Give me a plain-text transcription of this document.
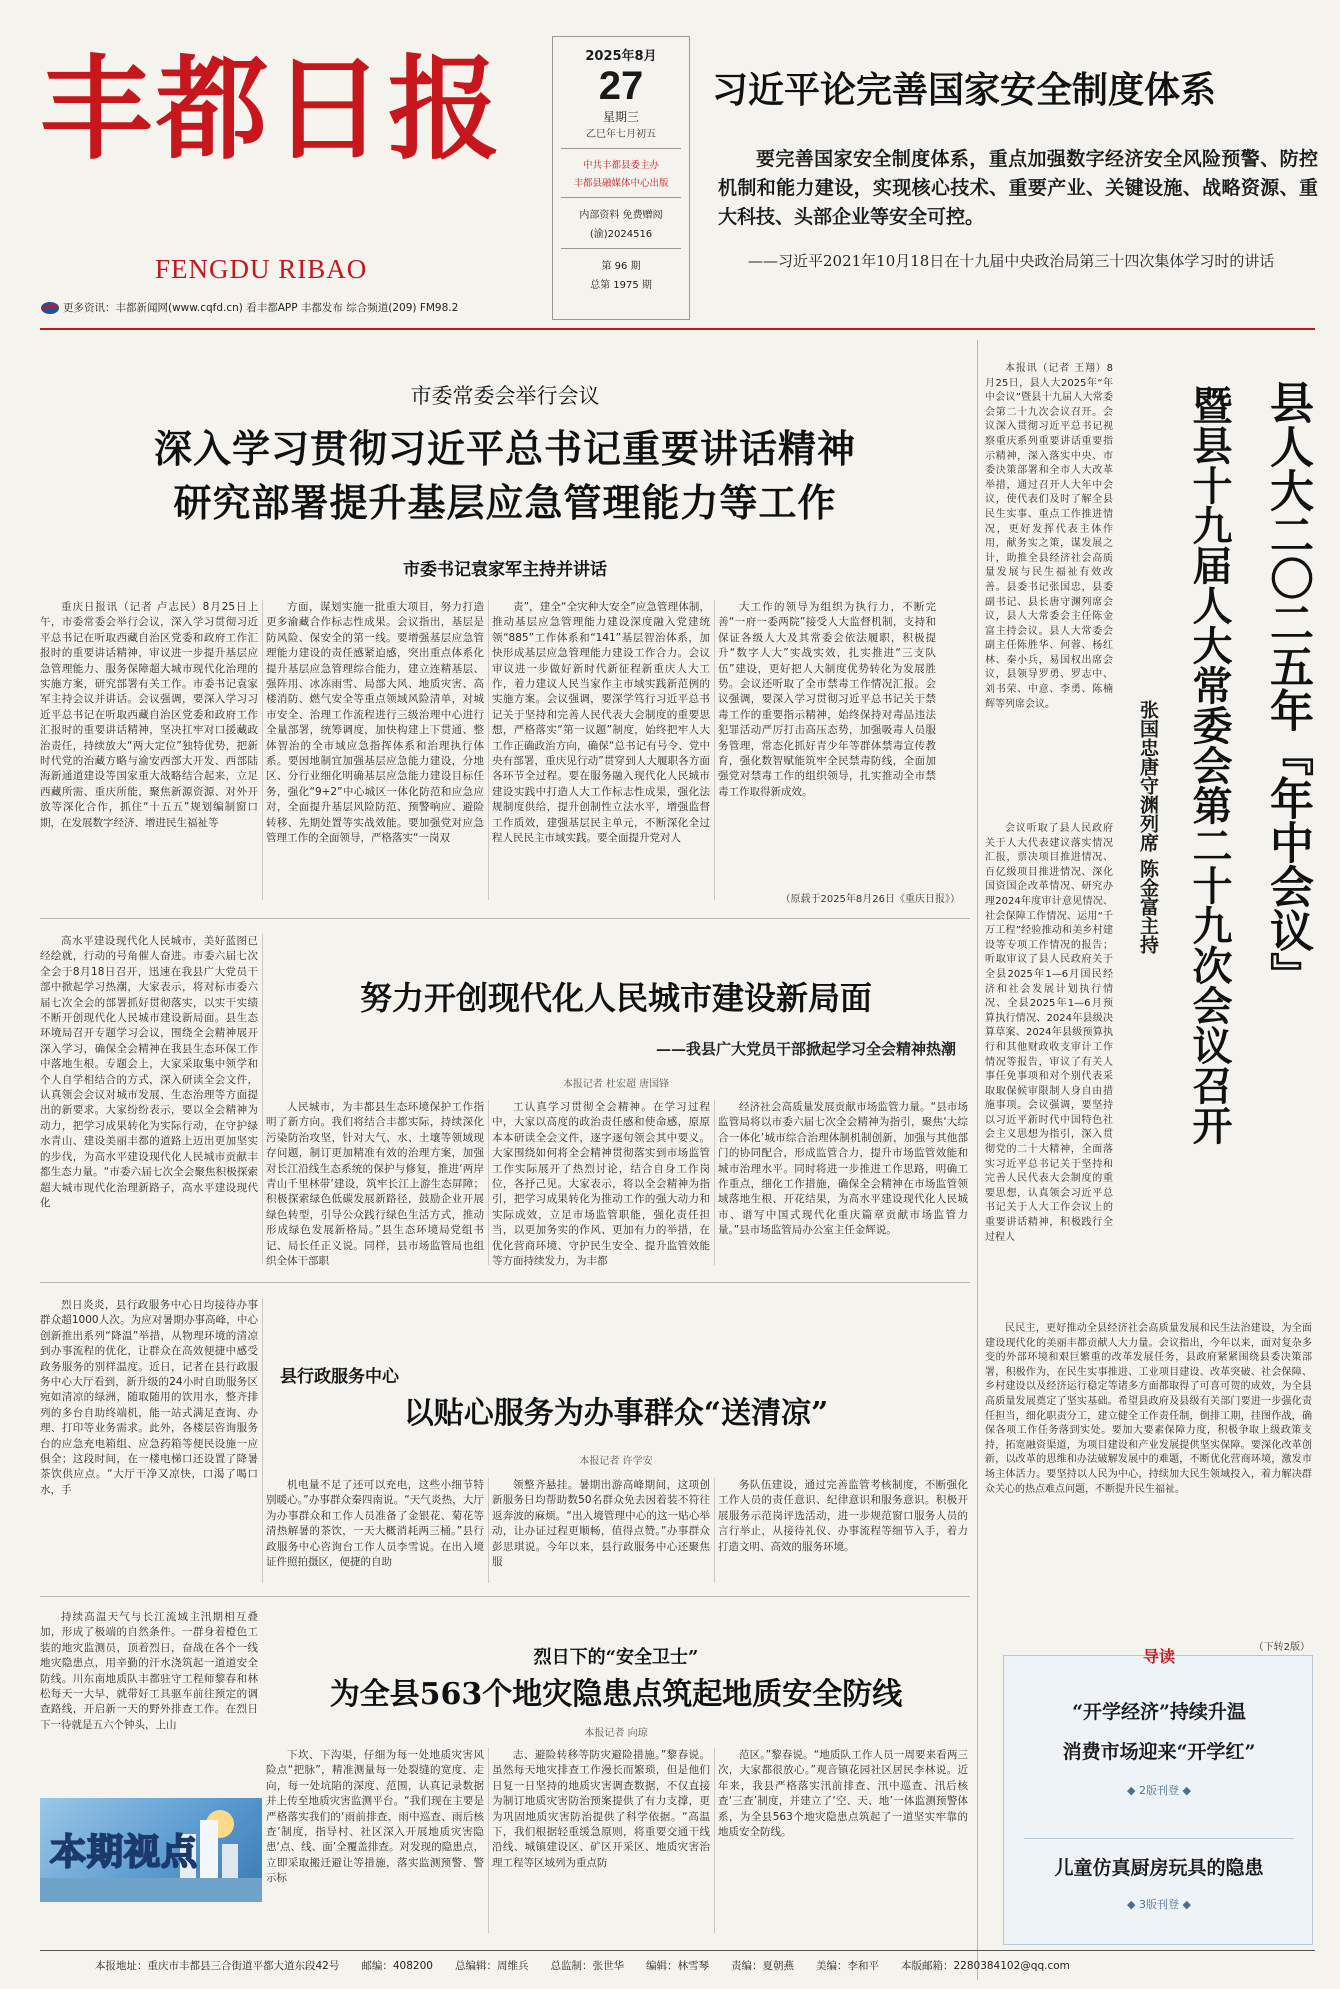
丰都日报
FENGDU RIBAO
更多资讯：丰都新闻网(www.cqfd.cn) 看丰都APP 丰都发布 综合频道(209) FM98.2
2025年8月
27
星期三
乙巳年七月初五
中共丰都县委主办
丰都县融媒体中心出版
内部资料 免费赠阅
(渝)2024516
第 96 期
总第 1975 期
习近平论完善国家安全制度体系
要完善国家安全制度体系，重点加强数字经济安全风险预警、防控机制和能力建设，实现核心技术、重要产业、关键设施、战略资源、重大科技、头部企业等安全可控。
——习近平2021年10月18日在十九届中央政治局第三十四次集体学习时的讲话
市委常委会举行会议
深入学习贯彻习近平总书记重要讲话精神
研究部署提升基层应急管理能力等工作
市委书记袁家军主持并讲话

重庆日报讯（记者 卢志民）8月25日上午，市委常委会举行会议，深入学习贯彻习近平总书记在听取西藏自治区党委和政府工作汇报时的重要讲话精神，审议进一步提升基层应急管理能力、服务保障超大城市现代化治理的实施方案，研究部署有关工作。市委书记袁家军主持会议并讲话。会议强调，要深入学习习近平总书记在听取西藏自治区党委和政府工作汇报时的重要讲话精神，坚决扛牢对口援藏政治责任，持续放大“两大定位”独特优势，把新时代党的治藏方略与渝安西部大开发、西部陆海新通道建设等国家重大战略结合起来，立足西藏所需、重庆所能，聚焦新源资源、对外开放等深化合作，抓住“十五五”规划编制窗口期，在发展数字经济、增进民生福祉等

方面，谋划实施一批重大项目，努力打造更多渝藏合作标志性成果。会议指出，基层是防风险、保安全的第一线。要增强基层应急管理能力建设的责任感紧迫感，突出重点体系化提升基层应急管理综合能力，建立连精基层、强阵用、冰冻雨雪、局部大风、地质灾害、高楼消防、燃气安全等重点领域风险清单，对城市安全、治理工作流程进行三级治理中心进行全量部署，统筹调度，加快构建上下贯通、整体智治的全市域应急指挥体系和治理执行体系。要因地制宜加强基层应急能力建设，分地区、分行业细化明确基层应急能力建设目标任务，强化“9+2”中心城区一体化防范和应急应对，全面提升基层风险防范、预警响应、避险转移、先期处置等实战效能。要加强党对应急管理工作的全面领导，严格落实“一岗双

责”，建全“全灾种大安全”应急管理体制，推动基层应急管理能力建设深度融入党建统领“885”工作体系和“141”基层智治体系，加快形成基层应急管理能力建设工作合力。会议审议进一步做好新时代新征程新重庆人大工作，着力建议人民当家作主市域实践新范例的实施方案。会议强调，要深学笃行习近平总书记关于坚持和完善人民代表大会制度的重要思想，严格落实“第一议题”制度，始终把牢人大工作正确政治方向，确保“总书记有号令、党中央有部署，重庆见行动”贯穿到人大履职各方面各环节全过程。要在服务融入现代化人民城市建设实践中打造人大工作标志性成果，强化法规制度供给，提升创制性立法水平，增强监督工作质效，建强基层民主单元，不断深化全过程人民民主市域实践。要全面提升党对人

大工作的领导为组织为执行力，不断完善“一府一委两院”接受人大监督机制，支持和保证各级人大及其常委会依法履职，积极提升“数字人大”实战实效，扎实推进“三支队伍”建设，更好把人大制度优势转化为发展胜势。会议还听取了全市禁毒工作情况汇报。会议强调，要深入学习贯彻习近平总书记关于禁毒工作的重要指示精神，始终保持对毒品违法犯罪活动严厉打击高压态势，加强吸毒人员服务管理，常态化抓好青少年等群体禁毒宣传教育，强化数智赋能筑牢全民禁毒防线，全面加强党对禁毒工作的组织领导，扎实推动全市禁毒工作取得新成效。

（原载于2025年8月26日《重庆日报》）

本报讯（记者 王翔）8月25日，县人大2025年“年中会议”暨县十九届人大常委会第二十九次会议召开。会议深入贯彻习近平总书记视察重庆系列重要讲话重要指示精神，深入落实中央、市委決策部署和全市人大改革举措，通过召开人大年中会议，使代表们及时了解全县民生实事、重点工作推进情况，更好发挥代表主体作用，献务实之策，谋发展之计，助推全县经济社会高质量发展与民生福祉有效改善。县委书记张国忠，县委副书记、县长唐守渊列席会议，县人大常委会主任陈金富主持会议。县人大常委会副主任陈胜华、何蓉、杨红林、秦小兵，易国权出席会议，县领导罗勇、罗志中、刘书荣、中意、李勇、陈楠辉等列席会议。

会议听取了县人民政府关于人大代表建议落实情况汇报，票决项目推进情况、百亿级项目推进情况、深化国资国企改革情况、研究办理2024年度审计意见情况、社会保障工作情况、运用“千万工程”经验推动和美乡村建设等专项工作情况的报告；听取审议了县人民政府关于全县2025年1—6月国民经济和社会发展计划执行情况、全县2025年1—6月预算执行情况、2024年县级决算草案、2024年县级预算执行和其他财政收支审计工作情况等报告，审议了有关人事任免事项和对个别代表采取取保候审限制人身自由措施事项。会议强调，要坚持以习近平新时代中国特色社会主义思想为指引，深入贯彻党的二十大精神，全面落实习近平总书记关于坚持和完善人民代表大会制度的重要思想，认真领会习近平总书记关于人大工作会议上的重要讲话精神，积极践行全过程人

县人大二〇二五年『年中会议』
暨县十九届人大常委会第二十九次会议召开
张国忠唐守渊列席 陈金富主持

民民主，更好推动全县经济社会高质量发展和民生法治建设，为全面建设现代化的美丽丰都贡献人大力量。会议指出，今年以来，面对复杂多变的外部环境和艰巨繁重的改革发展任务，县政府紧紧围绕县委决策部署，积极作为，在民生实事推进、工业项目建设、改革突破、社会保障、乡村建设以及经济运行稳定等诸多方面都取得了可喜可贺的成效，为全县高质量发展奠定了坚实基础。希望县政府及县级有关部门要进一步强化责任担当，细化职责分工，建立健全工作责任制，倒排工期，挂图作战，确保各项工作任务落到实处。要加大要素保障力度，积极争取上级政策支持，拓宽融资渠道，为项目建设和产业发展提供坚实保障。要深化改革创新，以改革的思维和办法破解发展中的难题，不断优化营商环境，激发市场主体活力。要坚持以人民为中心，持续加大民生领域投入，着力解决群众关心的热点难点问题，不断提升民生福祉。

（下转2版）

高水平建设现代化人民城市，美好蓝图已经绘就，行动的号角催人奋进。市委六届七次全会于8月18日召开，迅速在我县广大党员干部中掀起学习热潮，大家表示，将对标市委六届七次全会的部署抓好贯彻落实，以实干实绩不断开创现代化人民城市建设新局面。县生态环境局召开专题学习会议，围绕全会精神展开深入学习，确保全会精神在我县生态环保工作中落地生根。专题会上，大家采取集中领学和个人自学相结合的方式，深入研读全会文件，认真领会会议对城市发展、生态治理等方面提出的新要求。大家纷纷表示，要以全会精神为动力，把学习成果转化为实际行动，在守护绿水青山、建设美丽丰都的道路上迈出更加坚实的步伐，为高水平建设现代化人民城市贡献丰都生态力量。“市委六届七次全会聚焦积极探索超大城市现代化治理新路子，高水平建设现代化

努力开创现代化人民城市建设新局面
——我县广大党员干部掀起学习全会精神热潮
本报记者 杜宏超 唐国锋

人民城市，为丰都县生态环境保护工作指明了新方向。我们将结合丰都实际，持续深化污染防治攻坚，针对大气、水、土壤等领域现存问题，制订更加精准有效的治理方案，加强对长江沿线生态系统的保护与修复，推进‘两岸青山千里林带’建设，筑牢长江上游生态屏障；积极探索绿色低碳发展新路径，鼓励企业开展绿色转型，引导公众践行绿色生活方式，推动形成绿色发展新格局。”县生态环境局党组书记、局长任正义说。同样，县市场监管局也组织全体干部职

工认真学习贯彻全会精神。在学习过程中，大家以高度的政治责任感和使命感，原原本本研读全会文件，逐字逐句领会其中要义。大家围绕如何将全会精神贯彻落实到市场监管工作实际展开了热烈讨论，结合自身工作岗位，各抒己见。大家表示，将以全会精神为指引，把学习成果转化为推动工作的强大动力和实际成效，立足市场监管职能，强化责任担当，以更加务实的作风、更加有力的举措，在优化营商环境、守护民生安全、提升监管效能等方面持续发力，为丰都

经济社会高质量发展贡献市场监管力量。“县市场监管局将以市委六届七次全会精神为指引，聚焦‘大综合一体化’城市综合治理体制机制创新，加强与其他部门的协同配合，形成监管合力，提升市场监管效能和城市治理水平。同时将进一步推进工作思路，明确工作重点，细化工作措施，确保全会精神在市场监管领域落地生根、开花结果，为高水平建设现代化人民城市、谱写中国式现代化重庆篇章贡献市场监管力量。”县市场监管局办公室主任金辉说。

烈日炎炎，县行政服务中心日均接待办事群众超1000人次。为应对暑期办事高峰，中心创新推出系列“降温”举措，从物理环境的清凉到办事流程的优化，让群众在高效便捷中感受政务服务的别样温度。近日，记者在县行政服务中心大厅看到，新升级的24小时自助服务区宛如清凉的绿洲，随取随用的饮用水，整齐排列的多台自助终端机，能一站式满足查询、办理、打印等业务需求。此外，各楼层咨询服务台的应急充电箱组、应急药箱等便民设施一应俱全；这段时间，在一楼电梯口还设置了降暑茶饮供应点。“大厅干净又凉快，口渴了喝口水，手

县行政服务中心
以贴心服务为办事群众“送清凉”
本报记者 许学安

机电量不足了还可以充电，这些小细节特别暖心。”办事群众秦四南说。“天气炎热，大厅为办事群众和工作人员准备了金银花、菊花等清热解暑的茶饮，一天大概消耗两三桶。”县行政服务中心咨询台工作人员李雪说。在出入境证件照拍摄区，便捷的自助

领整齐悬挂。暑期出游高峰期间，这项创新服务日均帮助数50名群众免去因着装不符往返奔波的麻烦。“出入境管理中心的这一贴心举动，让办证过程更顺畅，值得点赞。”办事群众彭思琪说。今年以来，县行政服务中心还聚焦服

务队伍建设，通过完善监管考核制度，不断强化工作人员的责任意识、纪律意识和服务意识。积极开展服务示范岗评选活动，进一步规范窗口服务人员的言行举止，从接待礼仪、办事流程等细节入手，着力打造文明、高效的服务环境。

持续高温天气与长江流域主汛期相互叠加，形成了极端的自然条件。一群身着橙色工装的地灾监测员，顶着烈日，奋战在各个一线地灾隐患点，用辛勤的汗水浇筑起一道道安全防线。川东南地质队丰都驻守工程师黎春和林松每天一大早，就带好工具驱车前往预定的调查路线，开启新一天的野外排查工作。在烈日下一待就是五六个钟头，上山

烈日下的“安全卫士”
为全县563个地灾隐患点筑起地质安全防线
本报记者 向琼
本期视点

下坎、下沟渠，仔细为每一处地质灾害风险点“把脉”，精准测量每一处裂缝的宽度、走向，每一处坑陷的深度、范围，认真记录数据并上传至地质灾害监测平台。“我们现在主要是严格落实我们的‘雨前排查、雨中巡查、雨后核查’制度，指导村、社区深入开展地质灾害隐患‘点、线、面’全覆盖排查。对发现的隐患点，立即采取搬迁避让等措施，落实监测预警、警示标

志、避险转移等防灾避险措施。”黎春说。虽然每天地灾排查工作漫长而繁琐，但是他们日复一日坚持的地质灾害调查数据，不仅直接为制订地质灾害防治预案提供了有力支撑，更为巩固地质灾害防治提供了科学依据。“高温下，我们根据轻重缓急原则，将重要交通干线沿线、城镇建设区、矿区开采区、地质灾害治理工程等区域列为重点防

范区。”黎春说。“地质队工作人员一周要来看两三次，大家都很放心。”观音镇花园社区居民李林说。近年来，我县严格落实汛前排查、汛中巡查、汛后核查‘三查’制度，并建立了‘空、天、地’一体监测预警体系，为全县563个地灾隐患点筑起了一道坚实牢靠的地质安全防线。

导读
“开学经济”持续升温
消费市场迎来“开学红”
◆ 2版刊登 ◆
儿童仿真厨房玩具的隐患
◆ 3版刊登 ◆
本报地址：重庆市丰都县三合街道平都大道东段42号 邮编：408200 总编辑：周维兵 总监制：张世华 编辑：林雪琴 责编：夏朝燕 美编：李和平 本版邮箱：2280384102@qq.com
